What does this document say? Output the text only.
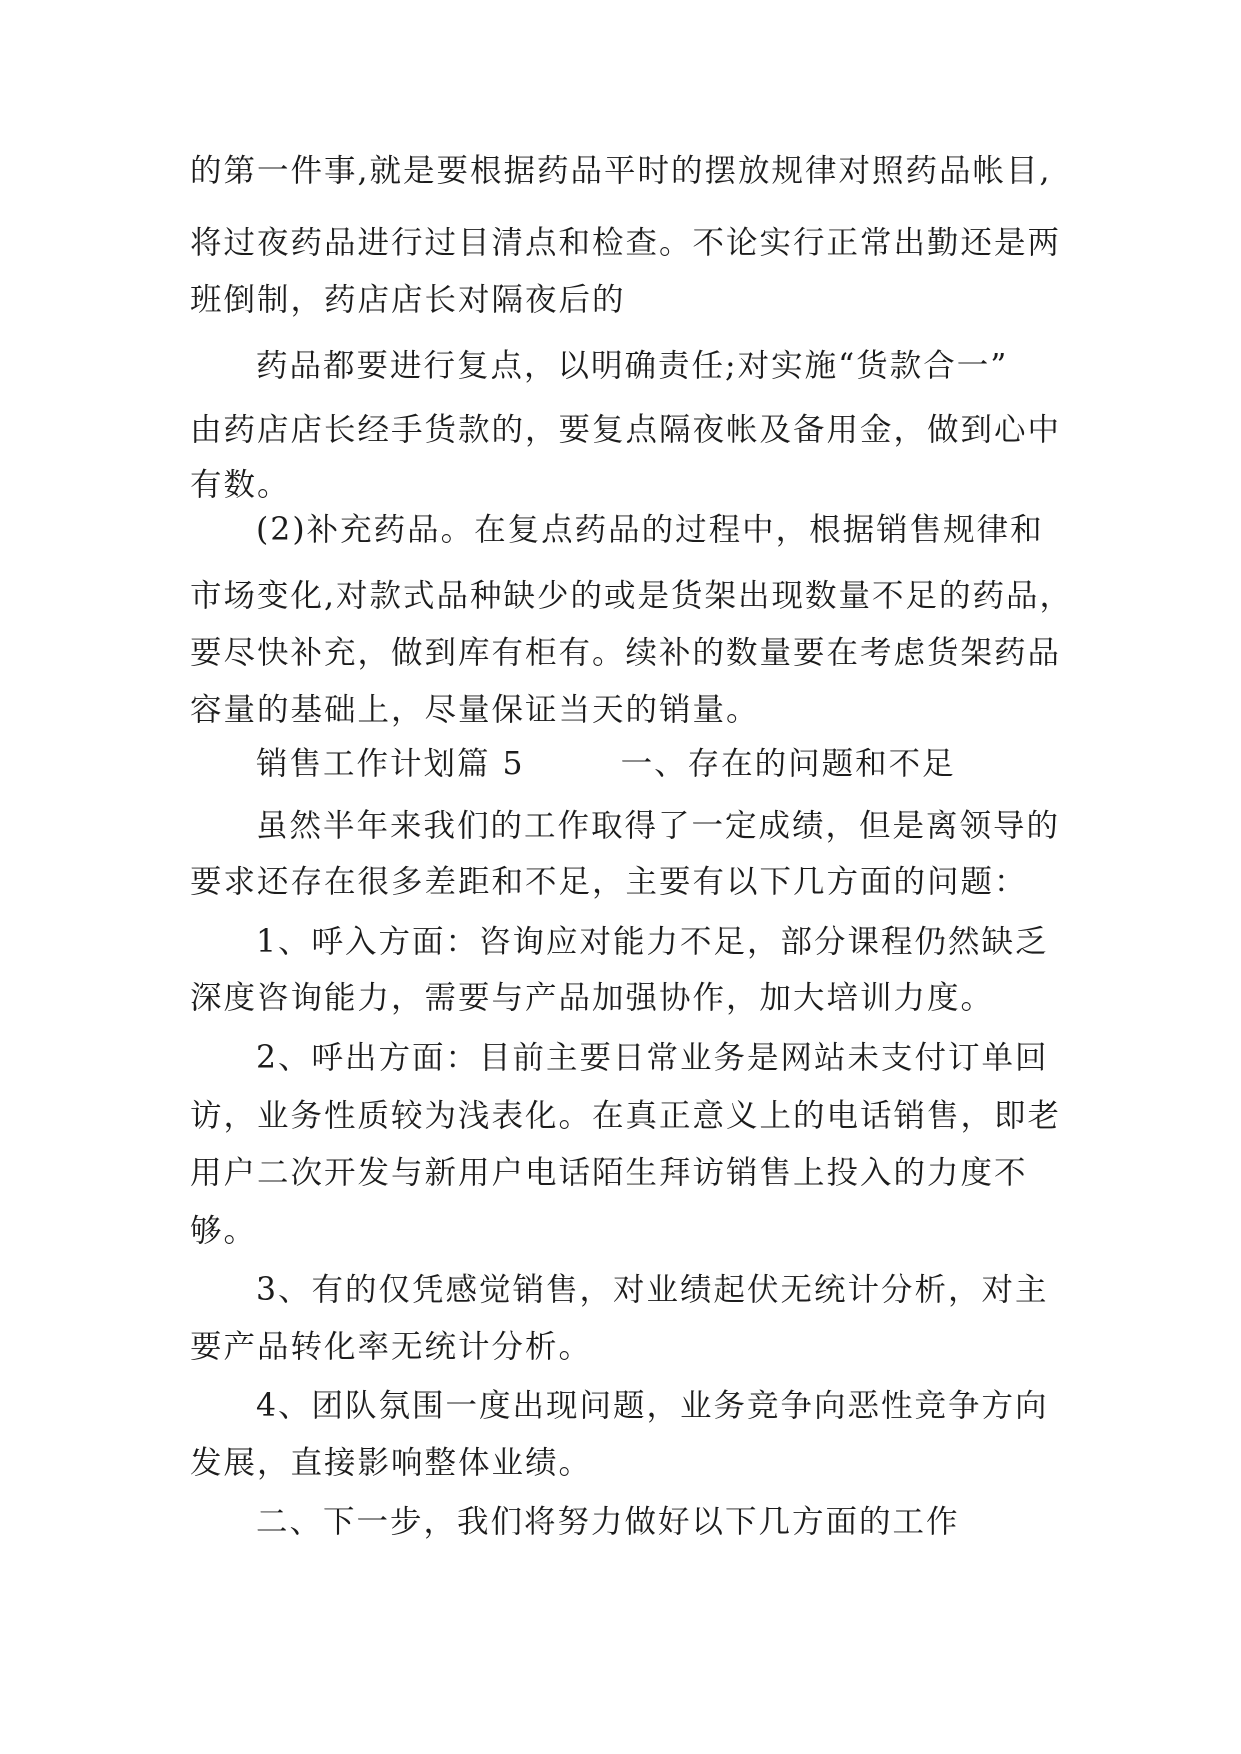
的第一件事,就是要根据药品平时的摆放规律对照药品帐目,

将过夜药品进行过目清点和检查。不论实行正常出勤还是两

班倒制，药店店长对隔夜后的

药品都要进行复点，以明确责任;对实施“货款合一”

由药店店长经手货款的，要复点隔夜帐及备用金，做到心中

有数。

(2)补充药品。在复点药品的过程中，根据销售规律和

市场变化,对款式品种缺少的或是货架出现数量不足的药品，

要尽快补充，做到库有柜有。续补的数量要在考虑货架药品

容量的基础上，尽量保证当天的销量。

销售工作计划篇 5        一、存在的问题和不足

虽然半年来我们的工作取得了一定成绩，但是离领导的

要求还存在很多差距和不足，主要有以下几方面的问题：

1、呼入方面：咨询应对能力不足，部分课程仍然缺乏

深度咨询能力，需要与产品加强协作，加大培训力度。

2、呼出方面：目前主要日常业务是网站未支付订单回

访，业务性质较为浅表化。在真正意义上的电话销售，即老

用户二次开发与新用户电话陌生拜访销售上投入的力度不

够。

3、有的仅凭感觉销售，对业绩起伏无统计分析，对主

要产品转化率无统计分析。

4、团队氛围一度出现问题，业务竞争向恶性竞争方向

发展，直接影响整体业绩。

二、下一步，我们将努力做好以下几方面的工作
